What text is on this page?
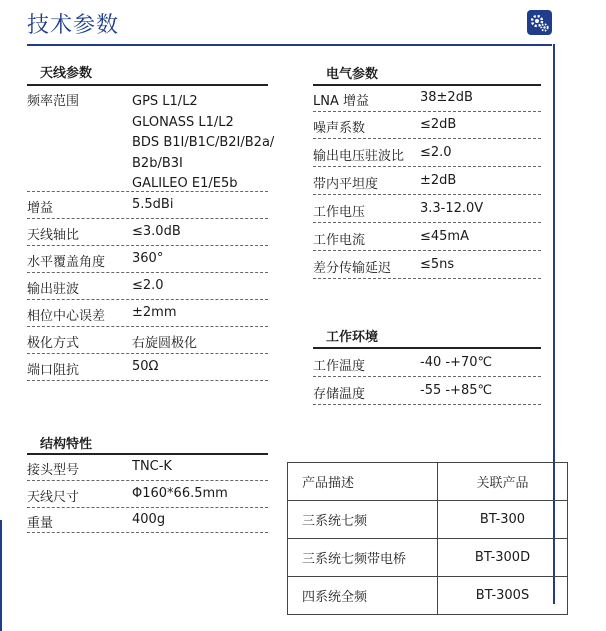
技术参数
天线参数
频率范围	GPS L1/L2
GLONASS L1/L2
BDS B1I/B1C/B2I/B2a/
B2b/B3I
GALILEO E1/E5b
增益	5.5dBi
天线轴比	≤3.0dB
水平覆盖角度	360°
输出驻波	≤2.0
相位中心误差	±2mm
极化方式	右旋圆极化
端口阻抗	50Ω
电气参数
LNA 增益	38±2dB
噪声系数	≤2dB
输出电压驻波比	≤2.0
带内平坦度	±2dB
工作电压	3.3-12.0V
工作电流	≤45mA
差分传输延迟	≤5ns
工作环境
工作温度	-40 -+70℃
存储温度	-55 -+85℃
结构特性
接头型号	TNC-K
天线尺寸	Φ160*66.5mm
重量	400g
产品描述	关联产品
三系统七频	BT-300
三系统七频带电桥	BT-300D
四系统全频	BT-300S
